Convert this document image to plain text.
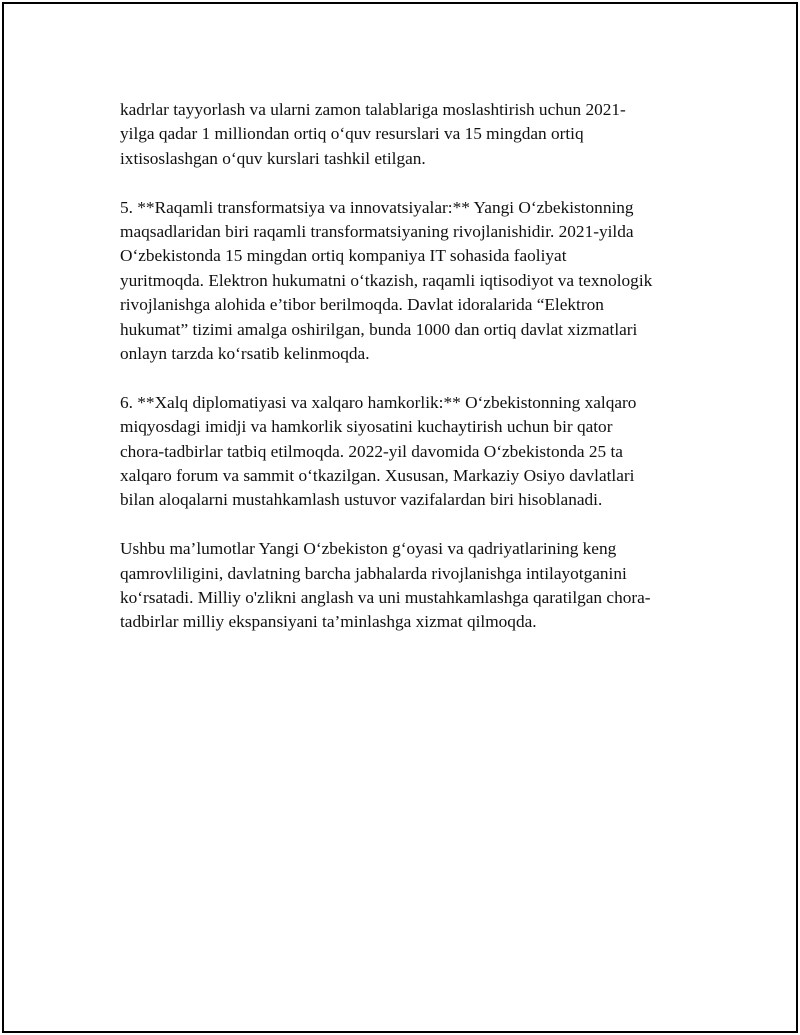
kadrlar tayyorlash va ularni zamon talablariga moslashtirish uchun 2021-
yilga qadar 1 milliondan ortiq o‘quv resurslari va 15 mingdan ortiq
ixtisoslashgan o‘quv kurslari tashkil etilgan.

5. **Raqamli transformatsiya va innovatsiyalar:** Yangi O‘zbekistonning
maqsadlaridan biri raqamli transformatsiyaning rivojlanishidir. 2021-yilda
O‘zbekistonda 15 mingdan ortiq kompaniya IT sohasida faoliyat
yuritmoqda. Elektron hukumatni o‘tkazish, raqamli iqtisodiyot va texnologik
rivojlanishga alohida e’tibor berilmoqda. Davlat idoralarida “Elektron
hukumat” tizimi amalga oshirilgan, bunda 1000 dan ortiq davlat xizmatlari
onlayn tarzda ko‘rsatib kelinmoqda.

6. **Xalq diplomatiyasi va xalqaro hamkorlik:** O‘zbekistonning xalqaro
miqyosdagi imidji va hamkorlik siyosatini kuchaytirish uchun bir qator
chora-tadbirlar tatbiq etilmoqda. 2022-yil davomida O‘zbekistonda 25 ta
xalqaro forum va sammit o‘tkazilgan. Xususan, Markaziy Osiyo davlatlari
bilan aloqalarni mustahkamlash ustuvor vazifalardan biri hisoblanadi.

Ushbu ma’lumotlar Yangi O‘zbekiston g‘oyasi va qadriyatlarining keng
qamrovliligini, davlatning barcha jabhalarda rivojlanishga intilayotganini
ko‘rsatadi. Milliy o'zlikni anglash va uni mustahkamlashga qaratilgan chora-
tadbirlar milliy ekspansiyani ta’minlashga xizmat qilmoqda.
